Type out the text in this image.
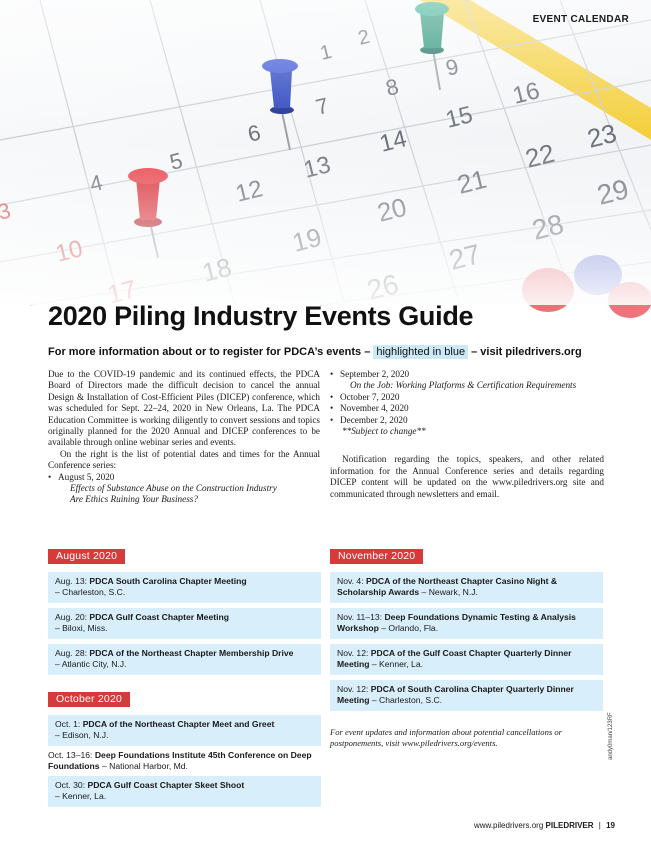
EVENT CALENDAR
2020 Piling Industry Events Guide
For more information about or to register for PDCA’s events – highlighted in blue – visit piledrivers.org

Due to the COVID-19 pandemic and its continued effects, the PDCA Board of Directors made the difficult decision to cancel the annual Design & Installation of Cost-Efficient Piles (DICEP) conference, which was scheduled for Sept. 22–24, 2020 in New Orleans, La. The PDCA Education Committee is working diligently to convert sessions and topics originally planned for the 2020 Annual and DICEP conferences to be available through online webinar series and events.

On the right is the list of potential dates and times for the Annual Conference series:

• August 5, 2020

Effects of Substance Abuse on the Construction Industry

Are Ethics Ruining Your Business?

• September 2, 2020

On the Job: Working Platforms & Certification Requirements

• October 7, 2020
• November 4, 2020
• December 2, 2020

**Subject to change**

Notification regarding the topics, speakers, and other related information for the Annual Conference series and details regarding DICEP content will be updated on the www.piledrivers.org site and communicated through newsletters and email.

August 2020
Aug. 13: PDCA South Carolina Chapter Meeting
– Charleston, S.C.
Aug. 20: PDCA Gulf Coast Chapter Meeting
– Biloxi, Miss.
Aug. 28: PDCA of the Northeast Chapter Membership Drive
– Atlantic City, N.J.
October 2020
Oct. 1: PDCA of the Northeast Chapter Meet and Greet
– Edison, N.J.
Oct. 13–16: Deep Foundations Institute 45th Conference on Deep Foundations – National Harbor, Md.
Oct. 30: PDCA Gulf Coast Chapter Skeet Shoot
– Kenner, La.
November 2020
Nov. 4: PDCA of the Northeast Chapter Casino Night & Scholarship Awards – Newark, N.J.
Nov. 11–13: Deep Foundations Dynamic Testing & Analysis Workshop – Orlando, Fla.
Nov. 12: PDCA of the Gulf Coast Chapter Quarterly Dinner Meeting – Kenner, La.
Nov. 12: PDCA of South Carolina Chapter Quarterly Dinner Meeting – Charleston, S.C.

For event updates and information about potential cancellations or postponements, visit www.piledrivers.org/events.	andy0man/123RF
www.piledrivers.org PILEDRIVER | 19
